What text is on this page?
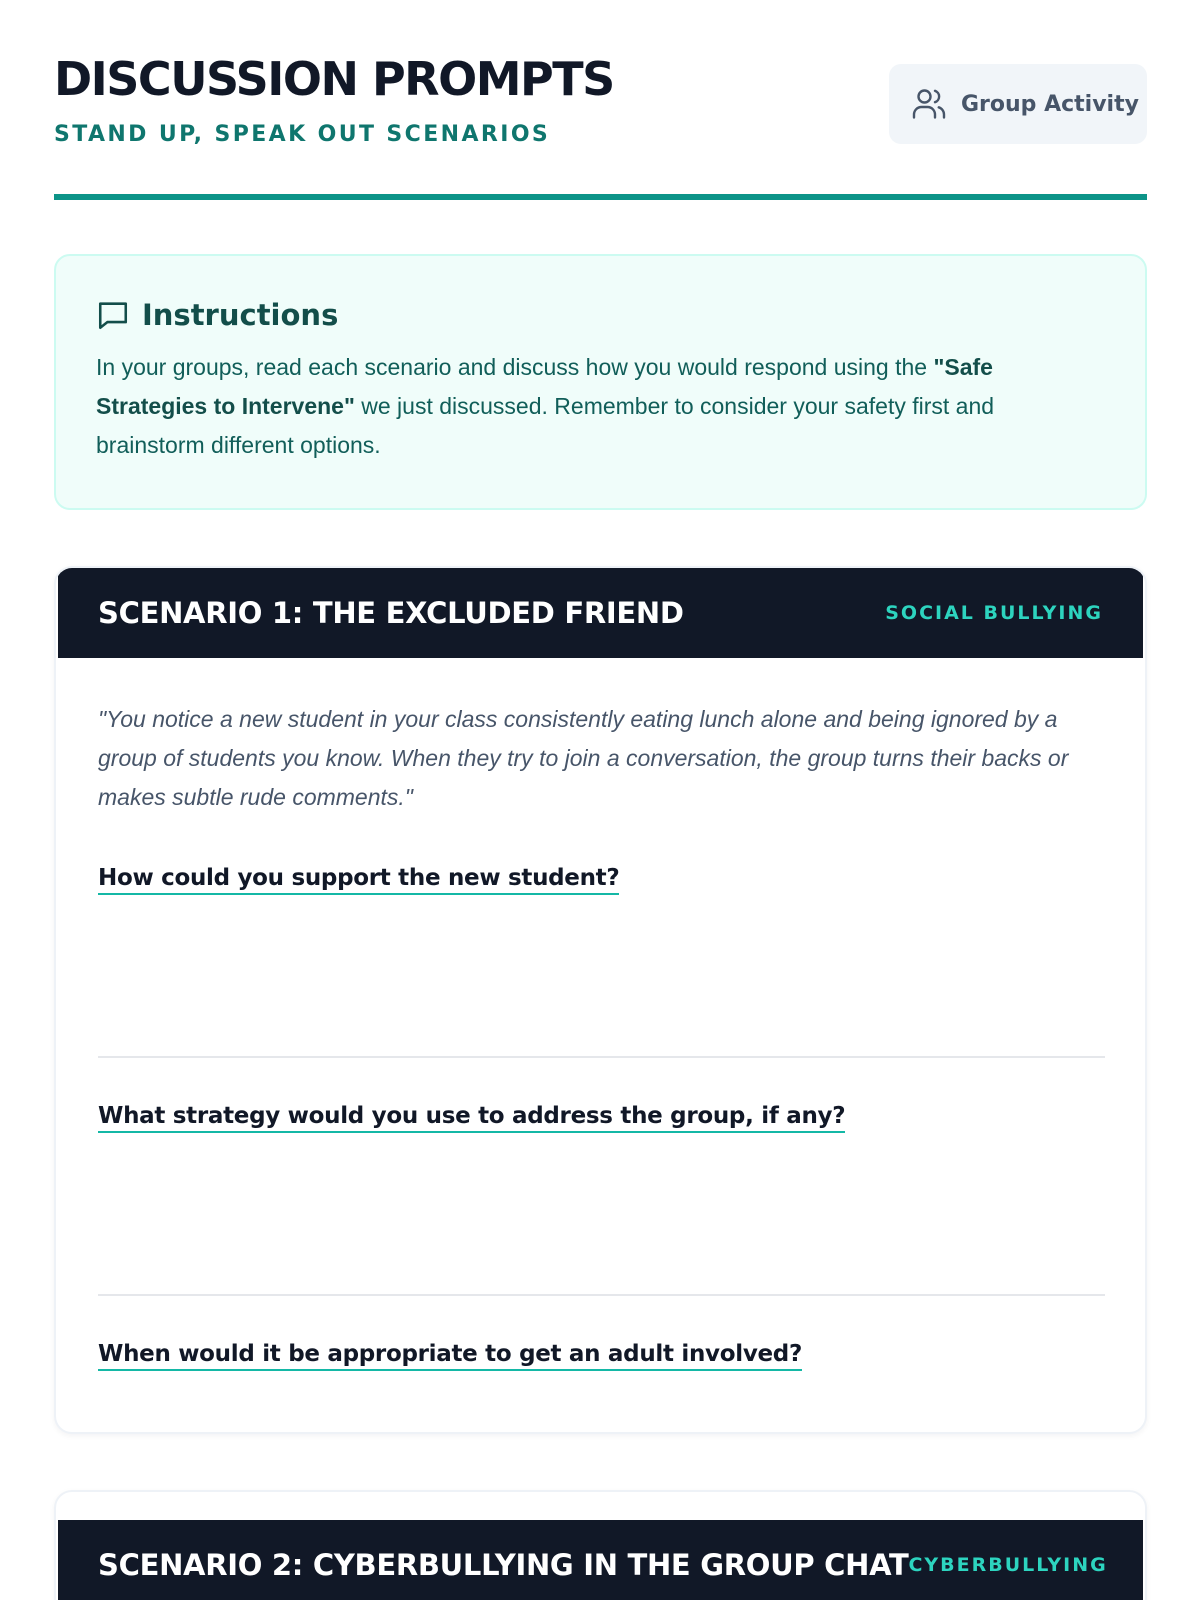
DISCUSSION PROMPTS
STAND UP, SPEAK OUT SCENARIOS
Group Activity
Instructions

In your groups, read each scenario and discuss how you would respond using the "Safe Strategies to Intervene" we just discussed. Remember to consider your safety first and brainstorm different options.

SCENARIO 1: THE EXCLUDED FRIEND	SOCIAL BULLYING

"You notice a new student in your class consistently eating lunch alone and being ignored by a group of students you know. When they try to join a conversation, the group turns their backs or makes subtle rude comments."

How could you support the new student?
What strategy would you use to address the group, if any?
When would it be appropriate to get an adult involved?
SCENARIO 2: CYBERBULLYING IN THE GROUP CHAT CYBERBULLYING
